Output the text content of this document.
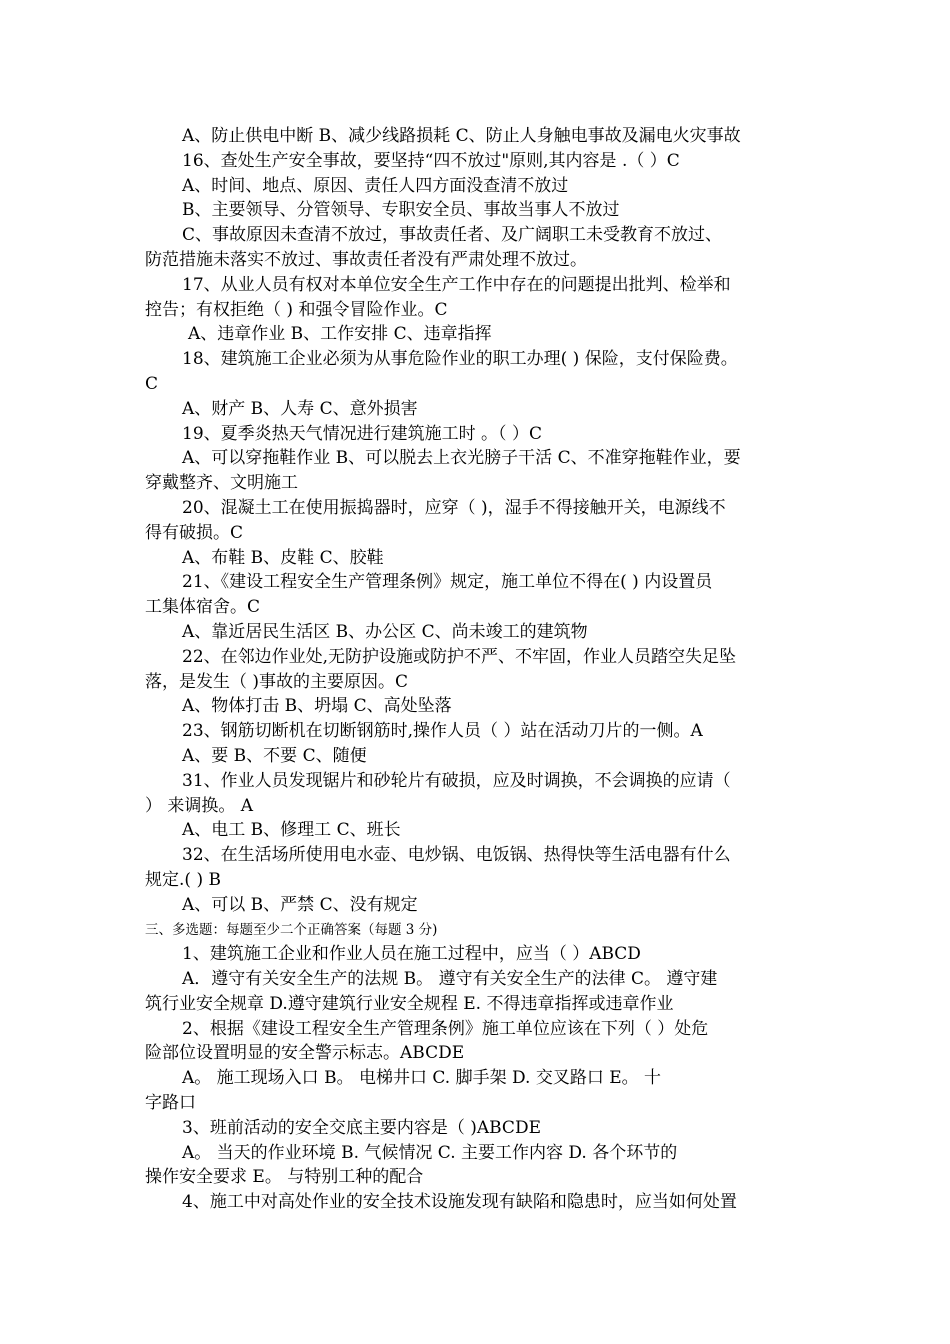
A、防止供电中断 B、减少线路损耗 C、防止人身触电事故及漏电火灾事故
16、查处生产安全事故，要坚持“四不放过"原则,其内容是 .（ ）C
A、时间、地点、原因、责任人四方面没查清不放过
B、主要领导、分管领导、专职安全员、事故当事人不放过
C、事故原因未查清不放过，事故责任者、及广阔职工未受教育不放过、
防范措施未落实不放过、事故责任者没有严肃处理不放过。
17、从业人员有权对本单位安全生产工作中存在的问题提出批判、检举和
控告；有权拒绝（ ) 和强令冒险作业。C
A、违章作业 B、工作安排 C、违章指挥
18、建筑施工企业必须为从事危险作业的职工办理( ) 保险，支付保险费。
C
A、财产 B、人寿 C、意外损害
19、夏季炎热天气情况进行建筑施工时 。（ ）C
A、可以穿拖鞋作业 B、可以脱去上衣光膀子干活 C、不准穿拖鞋作业，要
穿戴整齐、文明施工
20、混凝土工在使用振捣器时，应穿（ )，湿手不得接触开关，电源线不
得有破损。C
A、布鞋 B、皮鞋 C、胶鞋
21、《建设工程安全生产管理条例》规定，施工单位不得在( ) 内设置员
工集体宿舍。C
A、靠近居民生活区 B、办公区 C、尚未竣工的建筑物
22、在邻边作业处,无防护设施或防护不严、不牢固，作业人员踏空失足坠
落，是发生（ )事故的主要原因。C
A、物体打击 B、坍塌 C、高处坠落
23、钢筋切断机在切断钢筋时,操作人员（ ）站在活动刀片的一侧。A
A、要 B、不要 C、随便
31、作业人员发现锯片和砂轮片有破损，应及时调换，不会调换的应请（
） 来调换。 A
A、电工 B、修理工 C、班长
32、在生活场所使用电水壶、电炒锅、电饭锅、热得快等生活电器有什么
规定.( ) B
A、可以 B、严禁 C、没有规定
三、多选题：每题至少二个正确答案（每题 3 分)
1、建筑施工企业和作业人员在施工过程中，应当（ ）ABCD
A．遵守有关安全生产的法规 B。 遵守有关安全生产的法律 C。 遵守建
筑行业安全规章 D.遵守建筑行业安全规程 E. 不得违章指挥或违章作业
2、根据《建设工程安全生产管理条例》施工单位应该在下列（ ）处危
险部位设置明显的安全警示标志。ABCDE
A。 施工现场入口 B。 电梯井口 C. 脚手架 D. 交叉路口 E。 十
字路口
3、班前活动的安全交底主要内容是（ )ABCDE
A。 当天的作业环境 B. 气候情况 C. 主要工作内容 D. 各个环节的
操作安全要求 E。 与特别工种的配合
4、施工中对高处作业的安全技术设施发现有缺陷和隐患时，应当如何处置
